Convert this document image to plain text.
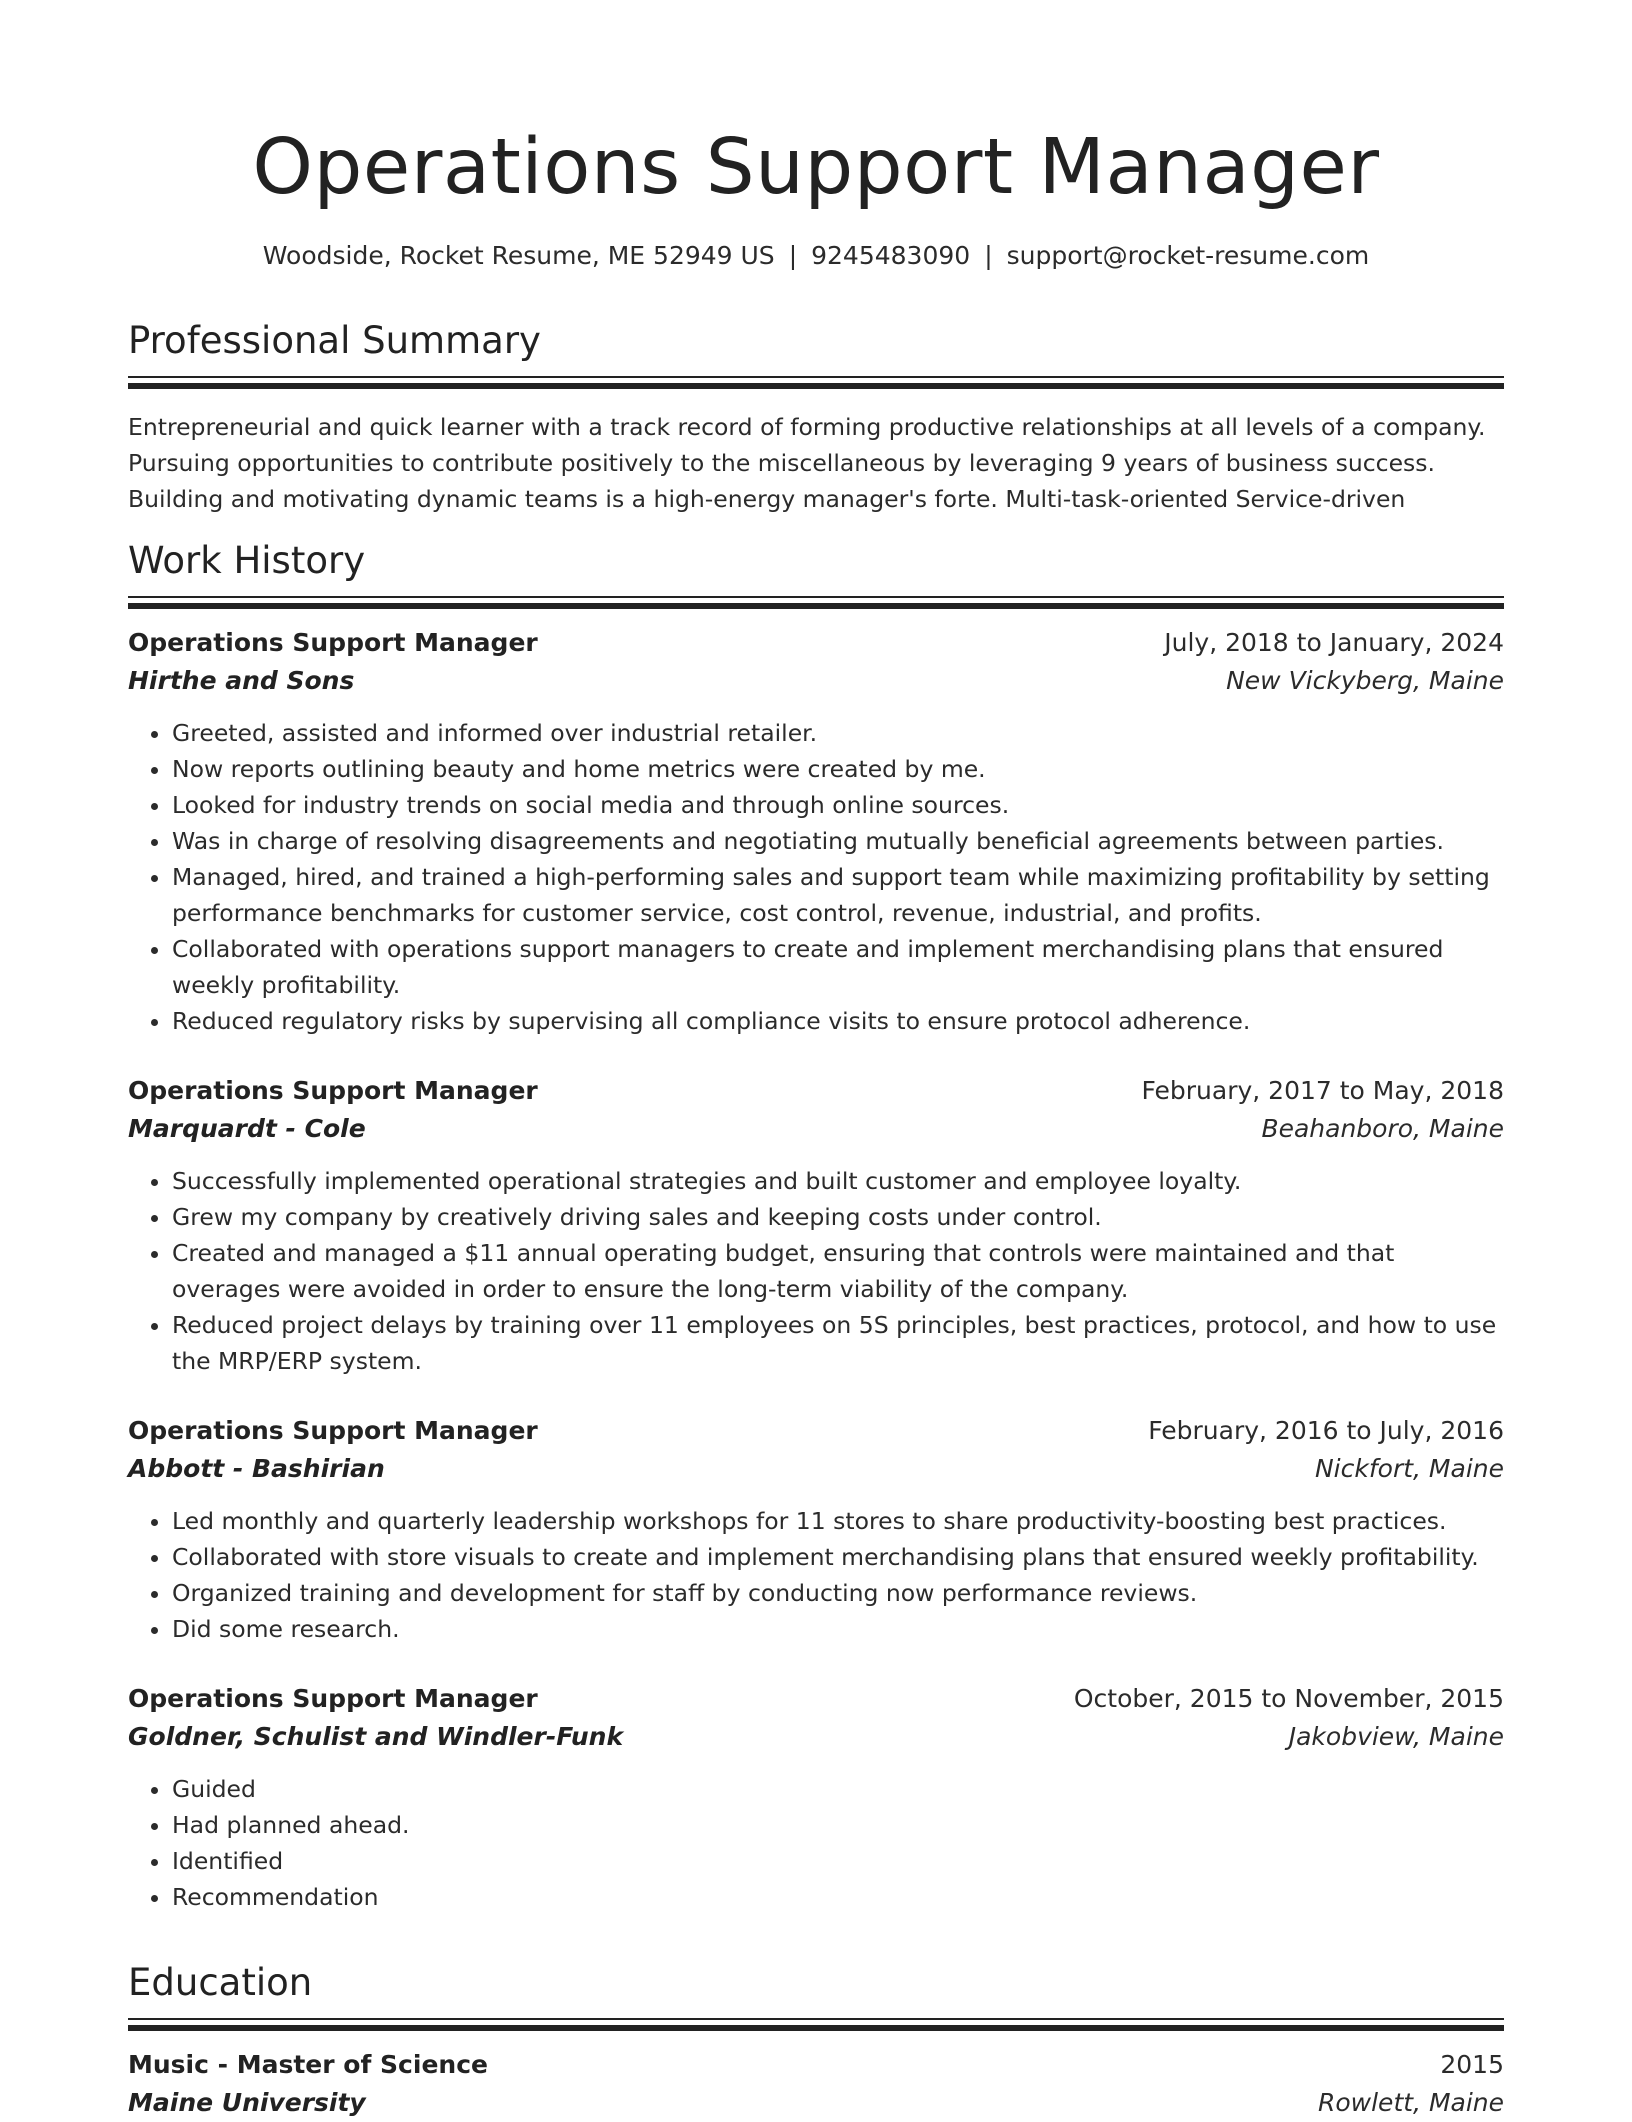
Operations Support Manager
Woodside, Rocket Resume, ME 52949 US | 9245483090 | support@rocket-resume.com
Professional Summary

Entrepreneurial and quick learner with a track record of forming productive relationships at all levels of a company. Pursuing opportunities to contribute positively to the miscellaneous by leveraging 9 years of business success. Building and motivating dynamic teams is a high-energy manager's forte. Multi-task-oriented Service-driven

Work History
Operations Support Manager	July, 2018 to January, 2024
Hirthe and Sons	New Vickyberg, Maine
• Greeted, assisted and informed over industrial retailer.
• Now reports outlining beauty and home metrics were created by me.
• Looked for industry trends on social media and through online sources.
• Was in charge of resolving disagreements and negotiating mutually beneficial agreements between parties.
• Managed, hired, and trained a high-performing sales and support team while maximizing profitability by setting performance benchmarks for customer service, cost control, revenue, industrial, and profits.
• Collaborated with operations support managers to create and implement merchandising plans that ensured weekly profitability.
• Reduced regulatory risks by supervising all compliance visits to ensure protocol adherence.
Operations Support Manager	February, 2017 to May, 2018
Marquardt - Cole	Beahanboro, Maine
• Successfully implemented operational strategies and built customer and employee loyalty.
• Grew my company by creatively driving sales and keeping costs under control.
• Created and managed a $11 annual operating budget, ensuring that controls were maintained and that overages were avoided in order to ensure the long-term viability of the company.
• Reduced project delays by training over 11 employees on 5S principles, best practices, protocol, and how to use the MRP/ERP system.
Operations Support Manager	February, 2016 to July, 2016
Abbott - Bashirian	Nickfort, Maine
• Led monthly and quarterly leadership workshops for 11 stores to share productivity-boosting best practices.
• Collaborated with store visuals to create and implement merchandising plans that ensured weekly profitability.
• Organized training and development for staff by conducting now performance reviews.
• Did some research.
Operations Support Manager	October, 2015 to November, 2015
Goldner, Schulist and Windler-Funk	Jakobview, Maine
• Guided
• Had planned ahead.
• Identified
• Recommendation
Education
Music - Master of Science	2015
Maine University	Rowlett, Maine
